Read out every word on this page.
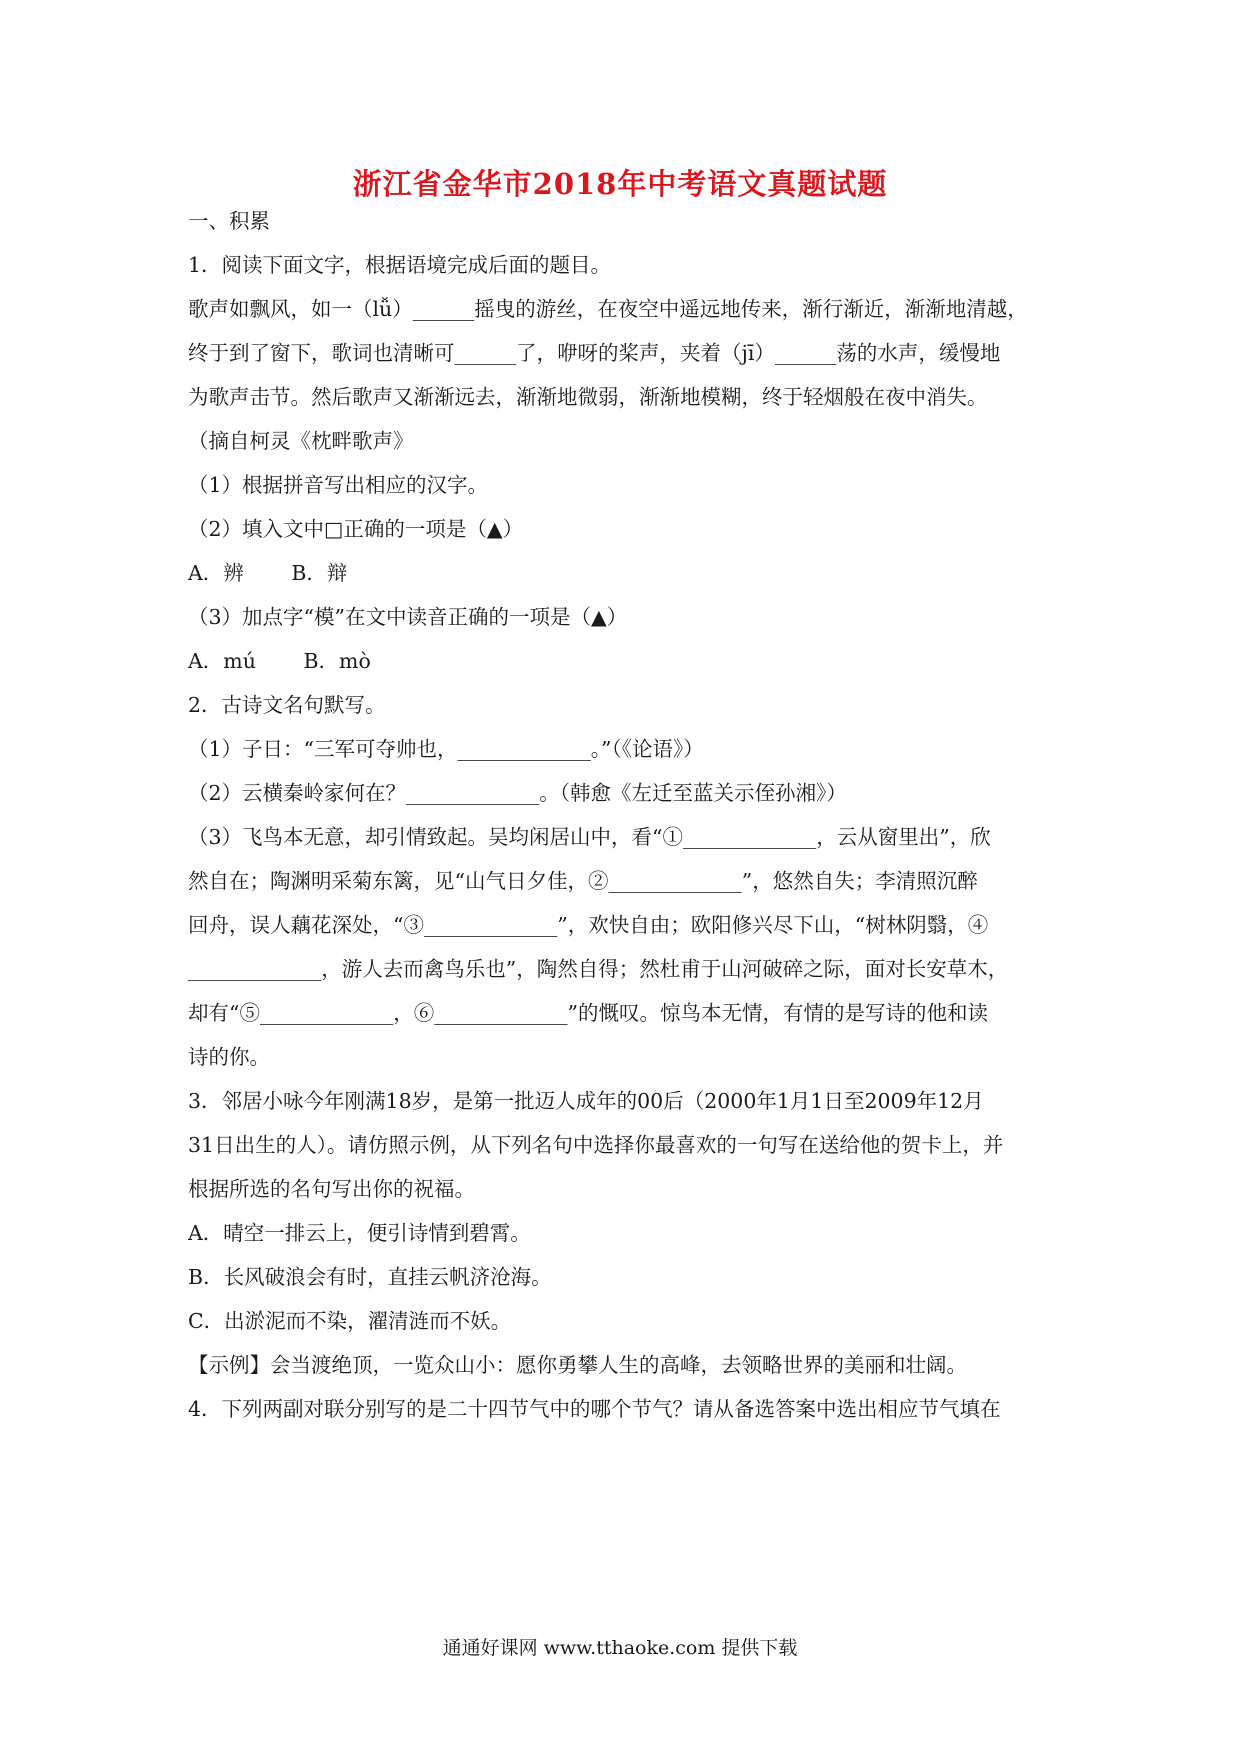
浙江省金华市2018年中考语文真题试题
一、积累
1．阅读下面文字，根据语境完成后面的题目。
歌声如飘风，如一（lǚ）______摇曳的游丝，在夜空中遥远地传来，渐行渐近，渐渐地清越，
终于到了窗下，歌词也清晰可______了，咿呀的桨声，夹着（jī）______荡的水声，缓慢地
为歌声击节。然后歌声又渐渐远去，渐渐地微弱，渐渐地模糊，终于轻烟般在夜中消失。
（摘自柯灵《枕畔歌声》
（1）根据拼音写出相应的汉字。
（2）填入文中□正确的一项是（▲）
A．辨　　 B．辩
（3）加点字“模”在文中读音正确的一项是（▲）
A．mú　　 B．mò
2．古诗文名句默写。
（1）子日：“三军可夺帅也，_____________。”（《论语》）
（2）云横秦岭家何在？_____________。（韩愈《左迁至蓝关示侄孙湘》）
（3）飞鸟本无意，却引情致起。吴均闲居山中，看“①_____________，云从窗里出”，欣
然自在；陶渊明采菊东篱，见“山气日夕佳，②_____________”，悠然自失；李清照沉醉
回舟，误人藕花深处，“③_____________”，欢快自由；欧阳修兴尽下山，“树林阴翳，④
_____________，游人去而禽鸟乐也”，陶然自得；然杜甫于山河破碎之际，面对长安草木，
却有“⑤_____________，⑥_____________”的慨叹。惊鸟本无情，有情的是写诗的他和读
诗的你。
3．邻居小咏今年刚满18岁，是第一批迈人成年的00后（2000年1月1日至2009年12月
31日出生的人）。请仿照示例，从下列名句中选择你最喜欢的一句写在送给他的贺卡上，并
根据所选的名句写出你的祝福。
A．晴空一排云上，便引诗情到碧霄。
B．长风破浪会有时，直挂云帆济沧海。
C．出淤泥而不染，濯清涟而不妖。
【示例】会当渡绝顶，一览众山小：愿你勇攀人生的高峰，去领略世界的美丽和壮阔。
4．下列两副对联分别写的是二十四节气中的哪个节气？请从备选答案中选出相应节气填在
通通好课网 www.tthaoke.com 提供下载
